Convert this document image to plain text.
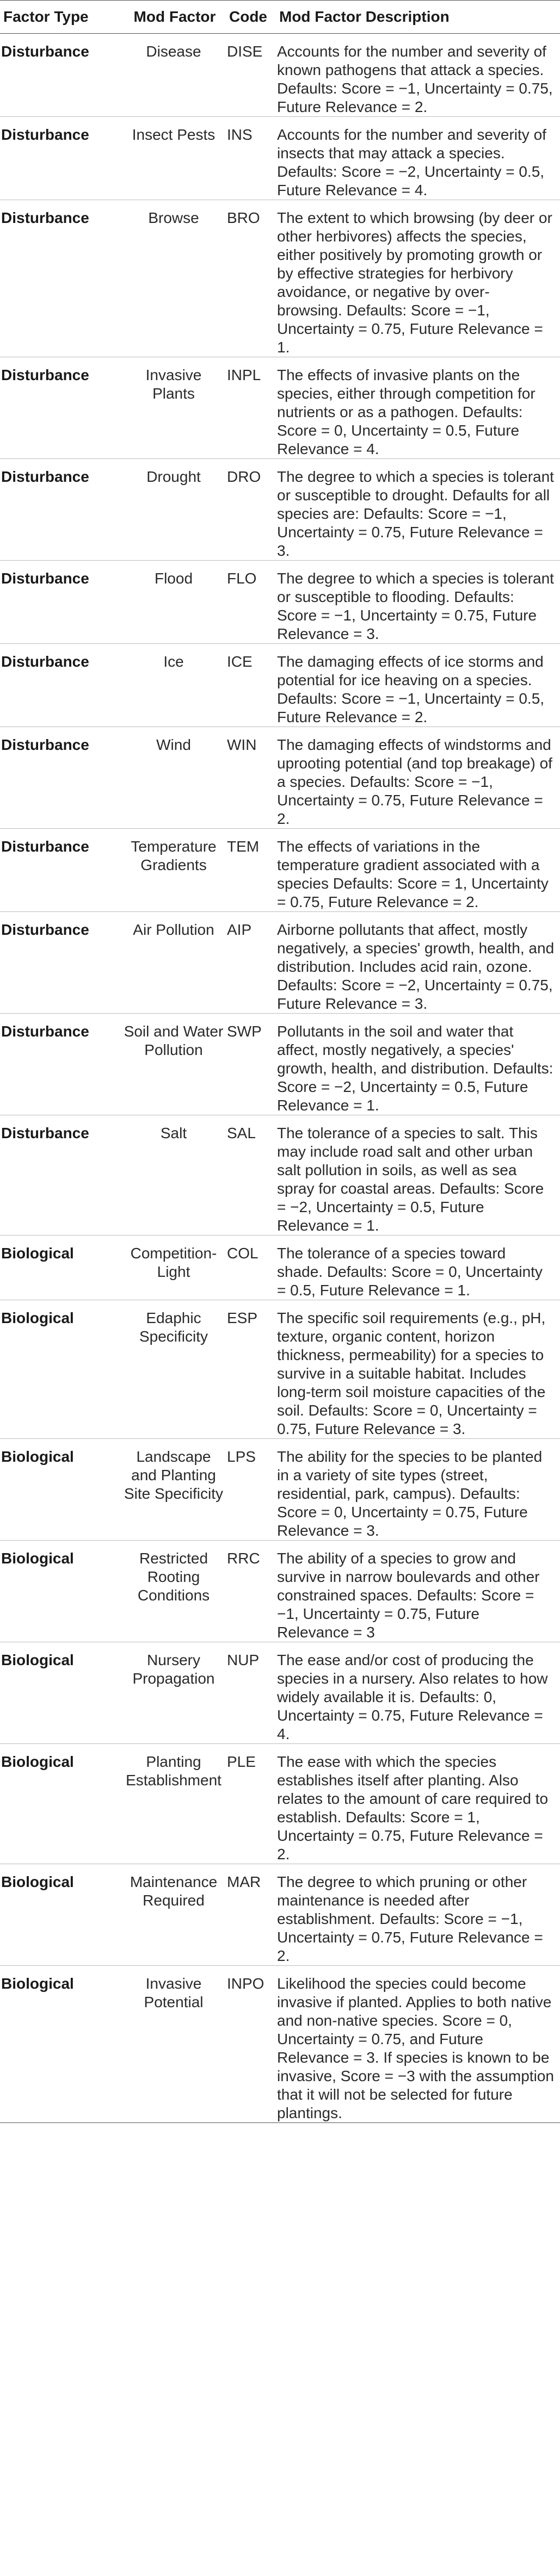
Factor Type	Mod Factor	Code	Mod Factor Description
Disturbance	Disease	DISE	Accounts for the number and severity of known pathogens that attack a species. Defaults: Score = −1, Uncertainty = 0.75, Future Relevance = 2.
Disturbance	Insect Pests	INS	Accounts for the number and severity of insects that may attack a species. Defaults: Score = −2, Uncertainty = 0.5, Future Relevance = 4.
Disturbance	Browse	BRO	The extent to which browsing (by deer or other herbivores) affects the species, either positively by promoting growth or by effective strategies for herbivory avoidance, or negative by over-browsing. Defaults: Score = −1, Uncertainty = 0.75, Future Relevance = 1.
Disturbance	Invasive Plants	INPL	The effects of invasive plants on the species, either through competition for nutrients or as a pathogen. Defaults: Score = 0, Uncertainty = 0.5, Future Relevance = 4.
Disturbance	Drought	DRO	The degree to which a species is tolerant or susceptible to drought. Defaults for all species are: Defaults: Score = −1, Uncertainty = 0.75, Future Relevance = 3.
Disturbance	Flood	FLO	The degree to which a species is tolerant or susceptible to flooding. Defaults: Score = −1, Uncertainty = 0.75, Future Relevance = 3.
Disturbance	Ice	ICE	The damaging effects of ice storms and potential for ice heaving on a species. Defaults: Score = −1, Uncertainty = 0.5, Future Relevance = 2.
Disturbance	Wind	WIN	The damaging effects of windstorms and uprooting potential (and top breakage) of a species. Defaults: Score = −1, Uncertainty = 0.75, Future Relevance = 2.
Disturbance	Temperature Gradients	TEM	The effects of variations in the temperature gradient associated with a species Defaults: Score = 1, Uncertainty = 0.75, Future Relevance = 2.
Disturbance	Air Pollution	AIP	Airborne pollutants that affect, mostly negatively, a species' growth, health, and distribution. Includes acid rain, ozone. Defaults: Score = −2, Uncertainty = 0.75, Future Relevance = 3.
Disturbance	Soil and Water Pollution	SWP	Pollutants in the soil and water that affect, mostly negatively, a species' growth, health, and distribution. Defaults: Score = −2, Uncertainty = 0.5, Future Relevance = 1.
Disturbance	Salt	SAL	The tolerance of a species to salt. This may include road salt and other urban salt pollution in soils, as well as sea spray for coastal areas. Defaults: Score = −2, Uncertainty = 0.5, Future Relevance = 1.
Biological	Competition-Light	COL	The tolerance of a species toward shade. Defaults: Score = 0, Uncertainty = 0.5, Future Relevance = 1.
Biological	Edaphic Specificity	ESP	The specific soil requirements (e.g., pH, texture, organic content, horizon thickness, permeability) for a species to survive in a suitable habitat. Includes long-term soil moisture capacities of the soil. Defaults: Score = 0, Uncertainty = 0.75, Future Relevance = 3.
Biological	Landscape and Planting Site Specificity	LPS	The ability for the species to be planted in a variety of site types (street, residential, park, campus). Defaults: Score = 0, Uncertainty = 0.75, Future Relevance = 3.
Biological	Restricted Rooting Conditions	RRC	The ability of a species to grow and survive in narrow boulevards and other constrained spaces. Defaults: Score = −1, Uncertainty = 0.75, Future Relevance = 3
Biological	Nursery Propagation	NUP	The ease and/or cost of producing the species in a nursery. Also relates to how widely available it is. Defaults: 0, Uncertainty = 0.75, Future Relevance = 4.
Biological	Planting Establishment	PLE	The ease with which the species establishes itself after planting. Also relates to the amount of care required to establish. Defaults: Score = 1, Uncertainty = 0.75, Future Relevance = 2.
Biological	Maintenance Required	MAR	The degree to which pruning or other maintenance is needed after establishment. Defaults: Score = −1, Uncertainty = 0.75, Future Relevance = 2.
Biological	Invasive Potential	INPO	Likelihood the species could become invasive if planted. Applies to both native and non-native species. Score = 0, Uncertainty = 0.75, and Future Relevance = 3. If species is known to be invasive, Score = −3 with the assumption that it will not be selected for future plantings.
